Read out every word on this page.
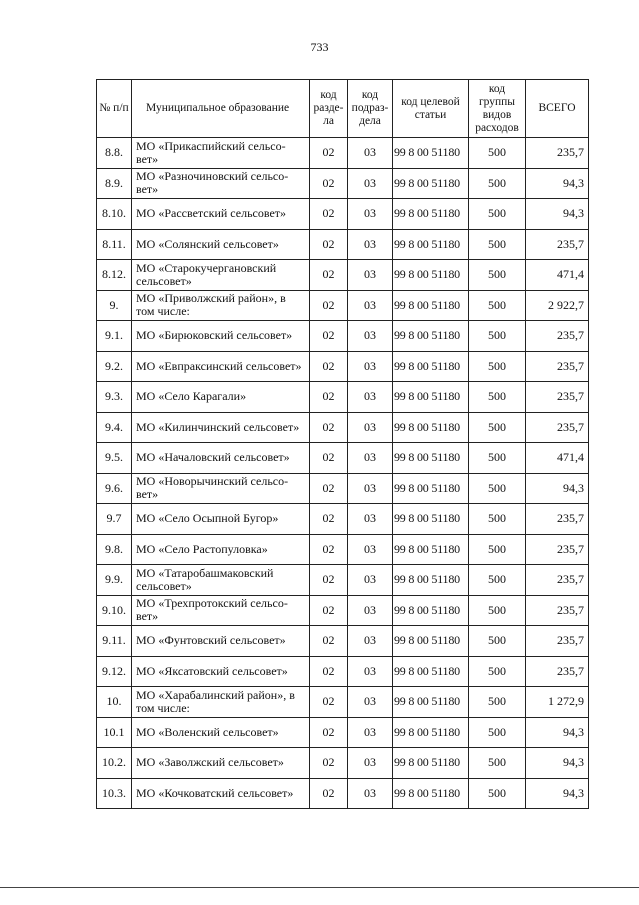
733
№ п/п	Муниципальное образование	код разде-ла	код подраз-дела	код целевой статьи	код группы видов расходов	ВСЕГО
8.8.	МО «Прикаспийский сельсо-вет»	02	03	99 8 00 51180	500	235,7
8.9.	МО «Разночиновский сельсо-вет»	02	03	99 8 00 51180	500	94,3
8.10.	МО «Рассветский сельсовет»	02	03	99 8 00 51180	500	94,3
8.11.	МО «Солянский сельсовет»	02	03	99 8 00 51180	500	235,7
8.12.	МО «Старокучергановский сельсовет»	02	03	99 8 00 51180	500	471,4
9.	МО «Приволжский район», в том числе:	02	03	99 8 00 51180	500	2 922,7
9.1.	МО «Бирюковский сельсовет»	02	03	99 8 00 51180	500	235,7
9.2.	МО «Евпраксинский сельсовет»	02	03	99 8 00 51180	500	235,7
9.3.	МО «Село Карагали»	02	03	99 8 00 51180	500	235,7
9.4.	МО «Килинчинский сельсовет»	02	03	99 8 00 51180	500	235,7
9.5.	МО «Началовский сельсовет»	02	03	99 8 00 51180	500	471,4
9.6.	МО «Новорычинский сельсо-вет»	02	03	99 8 00 51180	500	94,3
9.7	МО «Село Осыпной Бугор»	02	03	99 8 00 51180	500	235,7
9.8.	МО «Село Растопуловка»	02	03	99 8 00 51180	500	235,7
9.9.	МО «Татаробашмаковский сельсовет»	02	03	99 8 00 51180	500	235,7
9.10.	МО «Трехпротокский сельсо-вет»	02	03	99 8 00 51180	500	235,7
9.11.	МО «Фунтовский сельсовет»	02	03	99 8 00 51180	500	235,7
9.12.	МО «Яксатовский сельсовет»	02	03	99 8 00 51180	500	235,7
10.	МО «Харабалинский район», в том числе:	02	03	99 8 00 51180	500	1 272,9
10.1	МО «Воленский сельсовет»	02	03	99 8 00 51180	500	94,3
10.2.	МО «Заволжский сельсовет»	02	03	99 8 00 51180	500	94,3
10.3.	МО «Кочковатский сельсовет»	02	03	99 8 00 51180	500	94,3
